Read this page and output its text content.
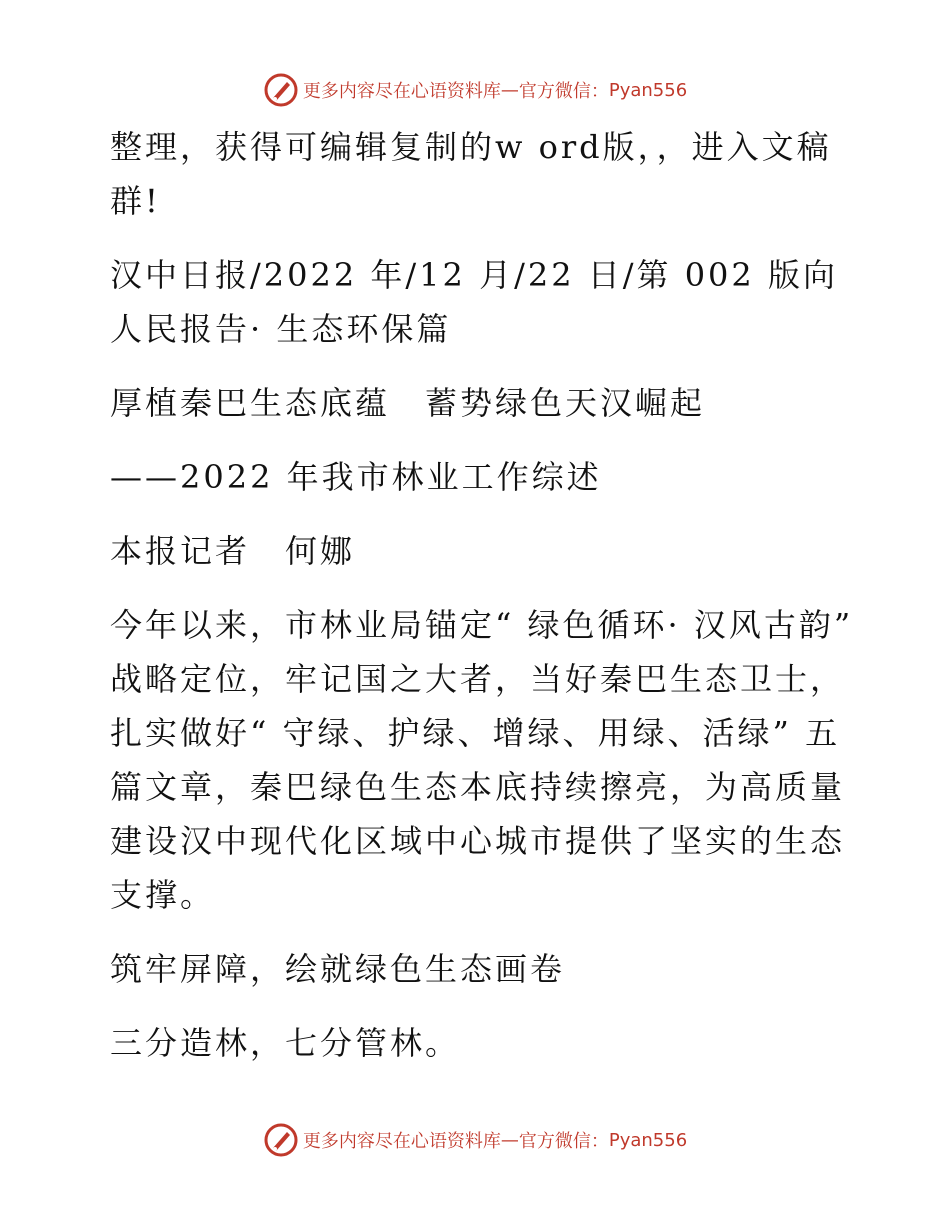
更多内容尽在心语资料库 — 官方微信： Pyan556

整理，获得可编辑复制的w ord版，，进入文稿群!

汉中日报/2022 年/12 月/22 日/第 002 版向人民报告· 生态环保篇

厚植秦巴生态底蕴　蓄势绿色天汉崛起

——2022 年我市林业工作综述

本报记者　何娜

今年以来，市林业局锚定“ 绿色循环· 汉风古韵” 战略定位，牢记国之大者，当好秦巴生态卫士，扎实做好“ 守绿、护绿、增绿、用绿、活绿” 五篇文章，秦巴绿色生态本底持续擦亮，为高质量建设汉中现代化区域中心城市提供了坚实的生态支撑。

筑牢屏障，绘就绿色生态画卷

三分造林，七分管林。

更多内容尽在心语资料库 — 官方微信： Pyan556
